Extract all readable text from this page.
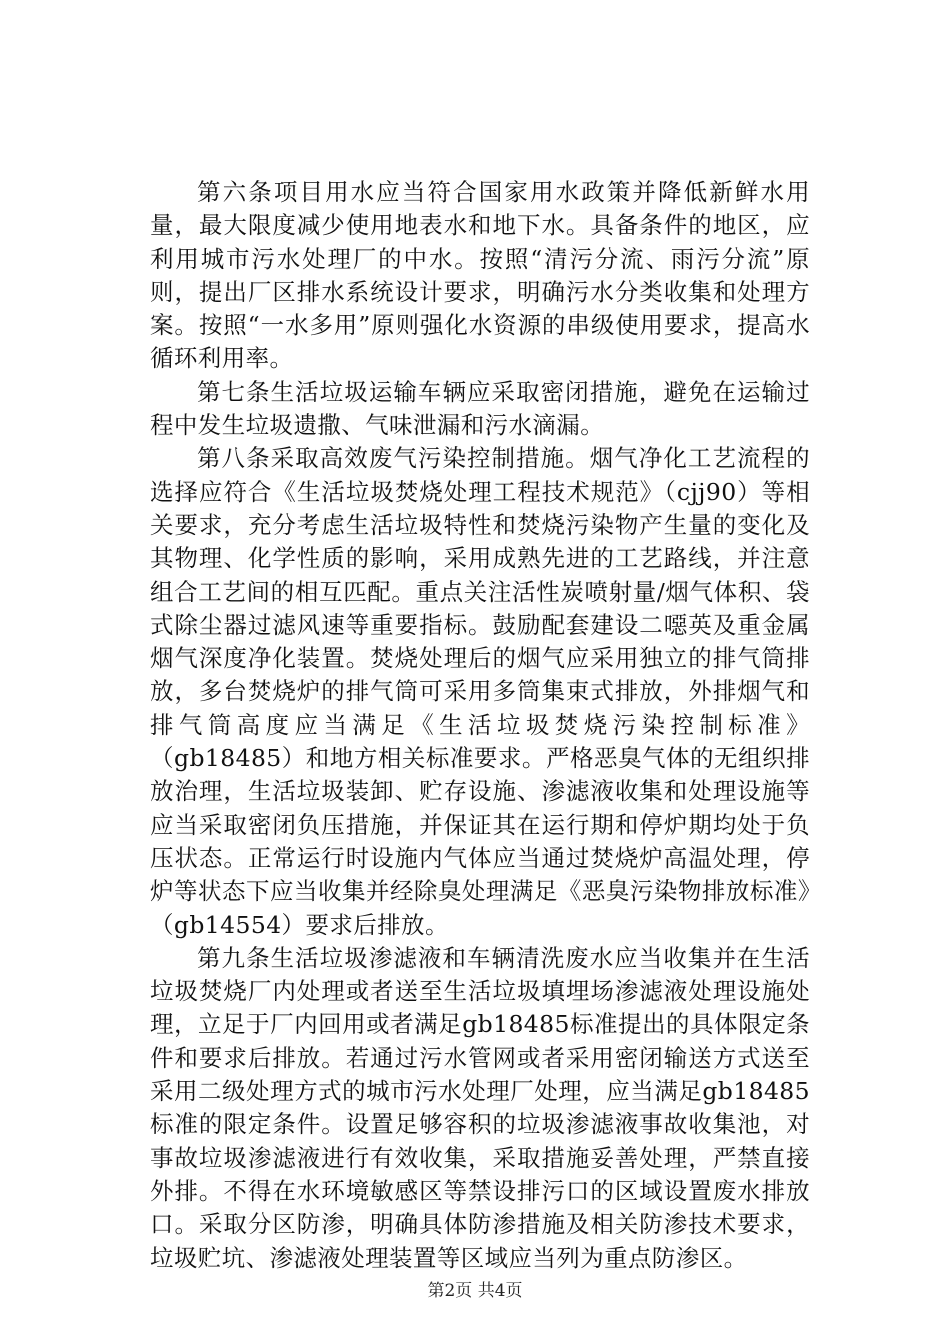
第六条项目用水应当符合国家用水政策并降低新鲜水用量，最大限度减少使用地表水和地下水。具备条件的地区，应利用城市污水处理厂的中水。按照“清污分流、雨污分流”原则，提出厂区排水系统设计要求，明确污水分类收集和处理方案。按照“一水多用”原则强化水资源的串级使用要求，提高水循环利用率。

第七条生活垃圾运输车辆应采取密闭措施，避免在运输过程中发生垃圾遗撒、气味泄漏和污水滴漏。

第八条采取高效废气污染控制措施。烟气净化工艺流程的选择应符合《生活垃圾焚烧处理工程技术规范》（cjj90）等相关要求，充分考虑生活垃圾特性和焚烧污染物产生量的变化及其物理、化学性质的影响，采用成熟先进的工艺路线，并注意组合工艺间的相互匹配。重点关注活性炭喷射量/烟气体积、袋式除尘器过滤风速等重要指标。鼓励配套建设二噁英及重金属烟气深度净化装置。焚烧处理后的烟气应采用独立的排气筒排放，多台焚烧炉的排气筒可采用多筒集束式排放，外排烟气和排气筒高度应当满足《生活垃圾焚烧污染控制标准》（gb18485）和地方相关标准要求。严格恶臭气体的无组织排放治理，生活垃圾装卸、贮存设施、渗滤液收集和处理设施等应当采取密闭负压措施，并保证其在运行期和停炉期均处于负压状态。正常运行时设施内气体应当通过焚烧炉高温处理，停炉等状态下应当收集并经除臭处理满足《恶臭污染物排放标准》（gb14554）要求后排放。

第九条生活垃圾渗滤液和车辆清洗废水应当收集并在生活垃圾焚烧厂内处理或者送至生活垃圾填埋场渗滤液处理设施处理，立足于厂内回用或者满足gb18485标准提出的具体限定条件和要求后排放。若通过污水管网或者采用密闭输送方式送至采用二级处理方式的城市污水处理厂处理，应当满足gb18485标准的限定条件。设置足够容积的垃圾渗滤液事故收集池，对事故垃圾渗滤液进行有效收集，采取措施妥善处理，严禁直接外排。不得在水环境敏感区等禁设排污口的区域设置废水排放口。采取分区防渗，明确具体防渗措施及相关防渗技术要求，垃圾贮坑、渗滤液处理装置等区域应当列为重点防渗区。

第2页 共4页
